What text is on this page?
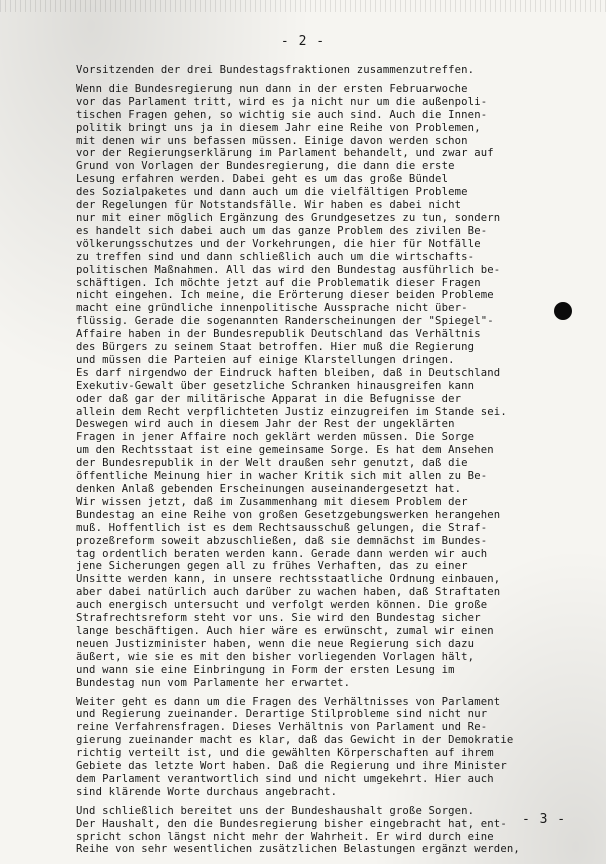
- 2 -
Vorsitzenden der drei Bundestagsfraktionen zusammenzutreffen.
Wenn die Bundesregierung nun dann in der ersten Februarwoche
vor das Parlament tritt, wird es ja nicht nur um die außenpoli-
tischen Fragen gehen, so wichtig sie auch sind. Auch die Innen-
politik bringt uns ja in diesem Jahr eine Reihe von Problemen,
mit denen wir uns befassen müssen. Einige davon werden schon
vor der Regierungserklärung im Parlament behandelt, und zwar auf
Grund von Vorlagen der Bundesregierung, die dann die erste
Lesung erfahren werden. Dabei geht es um das große Bündel
des Sozialpaketes und dann auch um die vielfältigen Probleme
der Regelungen für Notstandsfälle. Wir haben es dabei nicht
nur mit einer möglich Ergänzung des Grundgesetzes zu tun, sondern
es handelt sich dabei auch um das ganze Problem des zivilen Be-
völkerungsschutzes und der Vorkehrungen, die hier für Notfälle
zu treffen sind und dann schließlich auch um die wirtschafts-
politischen Maßnahmen. All das wird den Bundestag ausführlich be-
schäftigen. Ich möchte jetzt auf die Problematik dieser Fragen
nicht eingehen. Ich meine, die Erörterung dieser beiden Probleme
macht eine gründliche innenpolitische Aussprache nicht über-
flüssig. Gerade die sogenannten Randerscheinungen der "Spiegel"-
Affaire haben in der Bundesrepublik Deutschland das Verhältnis
des Bürgers zu seinem Staat betroffen. Hier muß die Regierung
und müssen die Parteien auf einige Klarstellungen dringen.
Es darf nirgendwo der Eindruck haften bleiben, daß in Deutschland
Exekutiv-Gewalt über gesetzliche Schranken hinausgreifen kann
oder daß gar der militärische Apparat in die Befugnisse der
allein dem Recht verpflichteten Justiz einzugreifen im Stande sei.
Deswegen wird auch in diesem Jahr der Rest der ungeklärten
Fragen in jener Affaire noch geklärt werden müssen. Die Sorge
um den Rechtsstaat ist eine gemeinsame Sorge. Es hat dem Ansehen
der Bundesrepublik in der Welt draußen sehr genutzt, daß die
öffentliche Meinung hier in wacher Kritik sich mit allen zu Be-
denken Anlaß gebenden Erscheinungen auseinandergesetzt hat.
Wir wissen jetzt, daß im Zusammenhang mit diesem Problem der
Bundestag an eine Reihe von großen Gesetzgebungswerken herangehen
muß. Hoffentlich ist es dem Rechtsausschuß gelungen, die Straf-
prozeßreform soweit abzuschließen, daß sie demnächst im Bundes-
tag ordentlich beraten werden kann. Gerade dann werden wir auch
jene Sicherungen gegen all zu frühes Verhaften, das zu einer
Unsitte werden kann, in unsere rechtsstaatliche Ordnung einbauen,
aber dabei natürlich auch darüber zu wachen haben, daß Straftaten
auch energisch untersucht und verfolgt werden können. Die große
Strafrechtsreform steht vor uns. Sie wird den Bundestag sicher
lange beschäftigen. Auch hier wäre es erwünscht, zumal wir einen
neuen Justizminister haben, wenn die neue Regierung sich dazu
äußert, wie sie es mit den bisher vorliegenden Vorlagen hält,
und wann sie eine Einbringung in Form der ersten Lesung im
Bundestag nun vom Parlamente her erwartet.
Weiter geht es dann um die Fragen des Verhältnisses von Parlament
und Regierung zueinander. Derartige Stilprobleme sind nicht nur
reine Verfahrensfragen. Dieses Verhältnis von Parlament und Re-
gierung zueinander macht es klar, daß das Gewicht in der Demokratie
richtig verteilt ist, und die gewählten Körperschaften auf ihrem
Gebiete das letzte Wort haben. Daß die Regierung und ihre Minister
dem Parlament verantwortlich sind und nicht umgekehrt. Hier auch
sind klärende Worte durchaus angebracht.
Und schließlich bereitet uns der Bundeshaushalt große Sorgen.
Der Haushalt, den die Bundesregierung bisher eingebracht hat, ent-
spricht schon längst nicht mehr der Wahrheit. Er wird durch eine
Reihe von sehr wesentlichen zusätzlichen Belastungen ergänzt werden,
- 3 -
